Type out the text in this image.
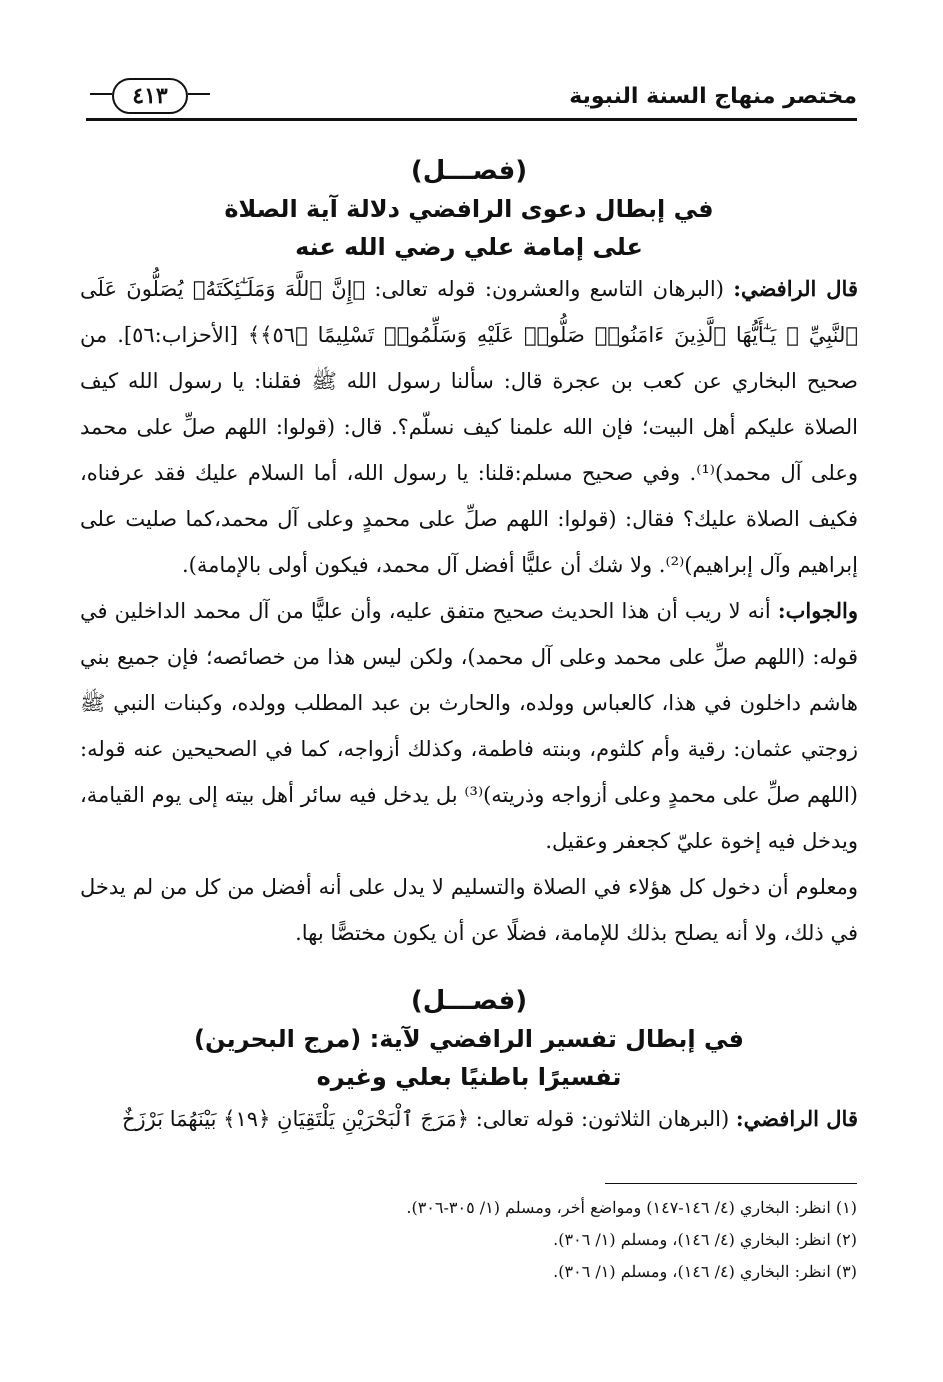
مختصر منهاج السنة النبوية
٤١٣
(فصـــل)
في إبطال دعوى الرافضي دلالة آية الصلاة
على إمامة علي رضي الله عنه

قال الرافضي: (البرهان التاسع والعشرون: قوله تعالى: ﴿إِنَّ ٱللَّهَ وَمَلَـٰٓئِكَتَهُۥ يُصَلُّونَ عَلَى ٱلنَّبِيِّ ۚ يَـٰٓأَيُّهَا ٱلَّذِينَ ءَامَنُوا۟ صَلُّوا۟ عَلَيْهِ وَسَلِّمُوا۟ تَسْلِيمًا ﴿٥٦﴾﴾ [الأحزاب:٥٦]. من صحيح البخاري عن كعب بن عجرة قال: سألنا رسول الله ﷺ فقلنا: يا رسول الله كيف الصلاة عليكم أهل البيت؛ فإن الله علمنا كيف نسلّم؟. قال: (قولوا: اللهم صلِّ على محمد وعلى آل محمد)⁽¹⁾. وفي صحيح مسلم:قلنا: يا رسول الله، أما السلام عليك فقد عرفناه، فكيف الصلاة عليك؟ فقال: (قولوا: اللهم صلِّ على محمدٍ وعلى آل محمد،كما صليت على إبراهيم وآل إبراهيم)⁽²⁾. ولا شك أن عليًّا أفضل آل محمد، فيكون أولى بالإمامة).

والجواب: أنه لا ريب أن هذا الحديث صحيح متفق عليه، وأن عليًّا من آل محمد الداخلين في قوله: (اللهم صلِّ على محمد وعلى آل محمد)، ولكن ليس هذا من خصائصه؛ فإن جميع بني هاشم داخلون في هذا، كالعباس وولده، والحارث بن عبد المطلب وولده، وكبنات النبي ﷺ زوجتي عثمان: رقية وأم كلثوم، وبنته فاطمة، وكذلك أزواجه، كما في الصحيحين عنه قوله: (اللهم صلِّ على محمدٍ وعلى أزواجه وذريته)⁽³⁾ بل يدخل فيه سائر أهل بيته إلى يوم القيامة، ويدخل فيه إخوة عليّ كجعفر وعقيل.

ومعلوم أن دخول كل هؤلاء في الصلاة والتسليم لا يدل على أنه أفضل من كل من لم يدخل في ذلك، ولا أنه يصلح بذلك للإمامة، فضلًا عن أن يكون مختصًّا بها.

(فصـــل)
في إبطال تفسير الرافضي لآية: (مرج البحرين)
تفسيرًا باطنيًا بعلي وغيره

قال الرافضي: (البرهان الثلاثون: قوله تعالى: ﴿مَرَجَ ٱلْبَحْرَيْنِ يَلْتَقِيَانِ ﴿١٩﴾ بَيْنَهُمَا بَرْزَخٌ

(١) انظر: البخاري (٤/ ١٤٦-١٤٧) ومواضع أخر، ومسلم (١/ ٣٠٥-٣٠٦).
(٢) انظر: البخاري (٤/ ١٤٦)، ومسلم (١/ ٣٠٦).
(٣) انظر: البخاري (٤/ ١٤٦)، ومسلم (١/ ٣٠٦).
